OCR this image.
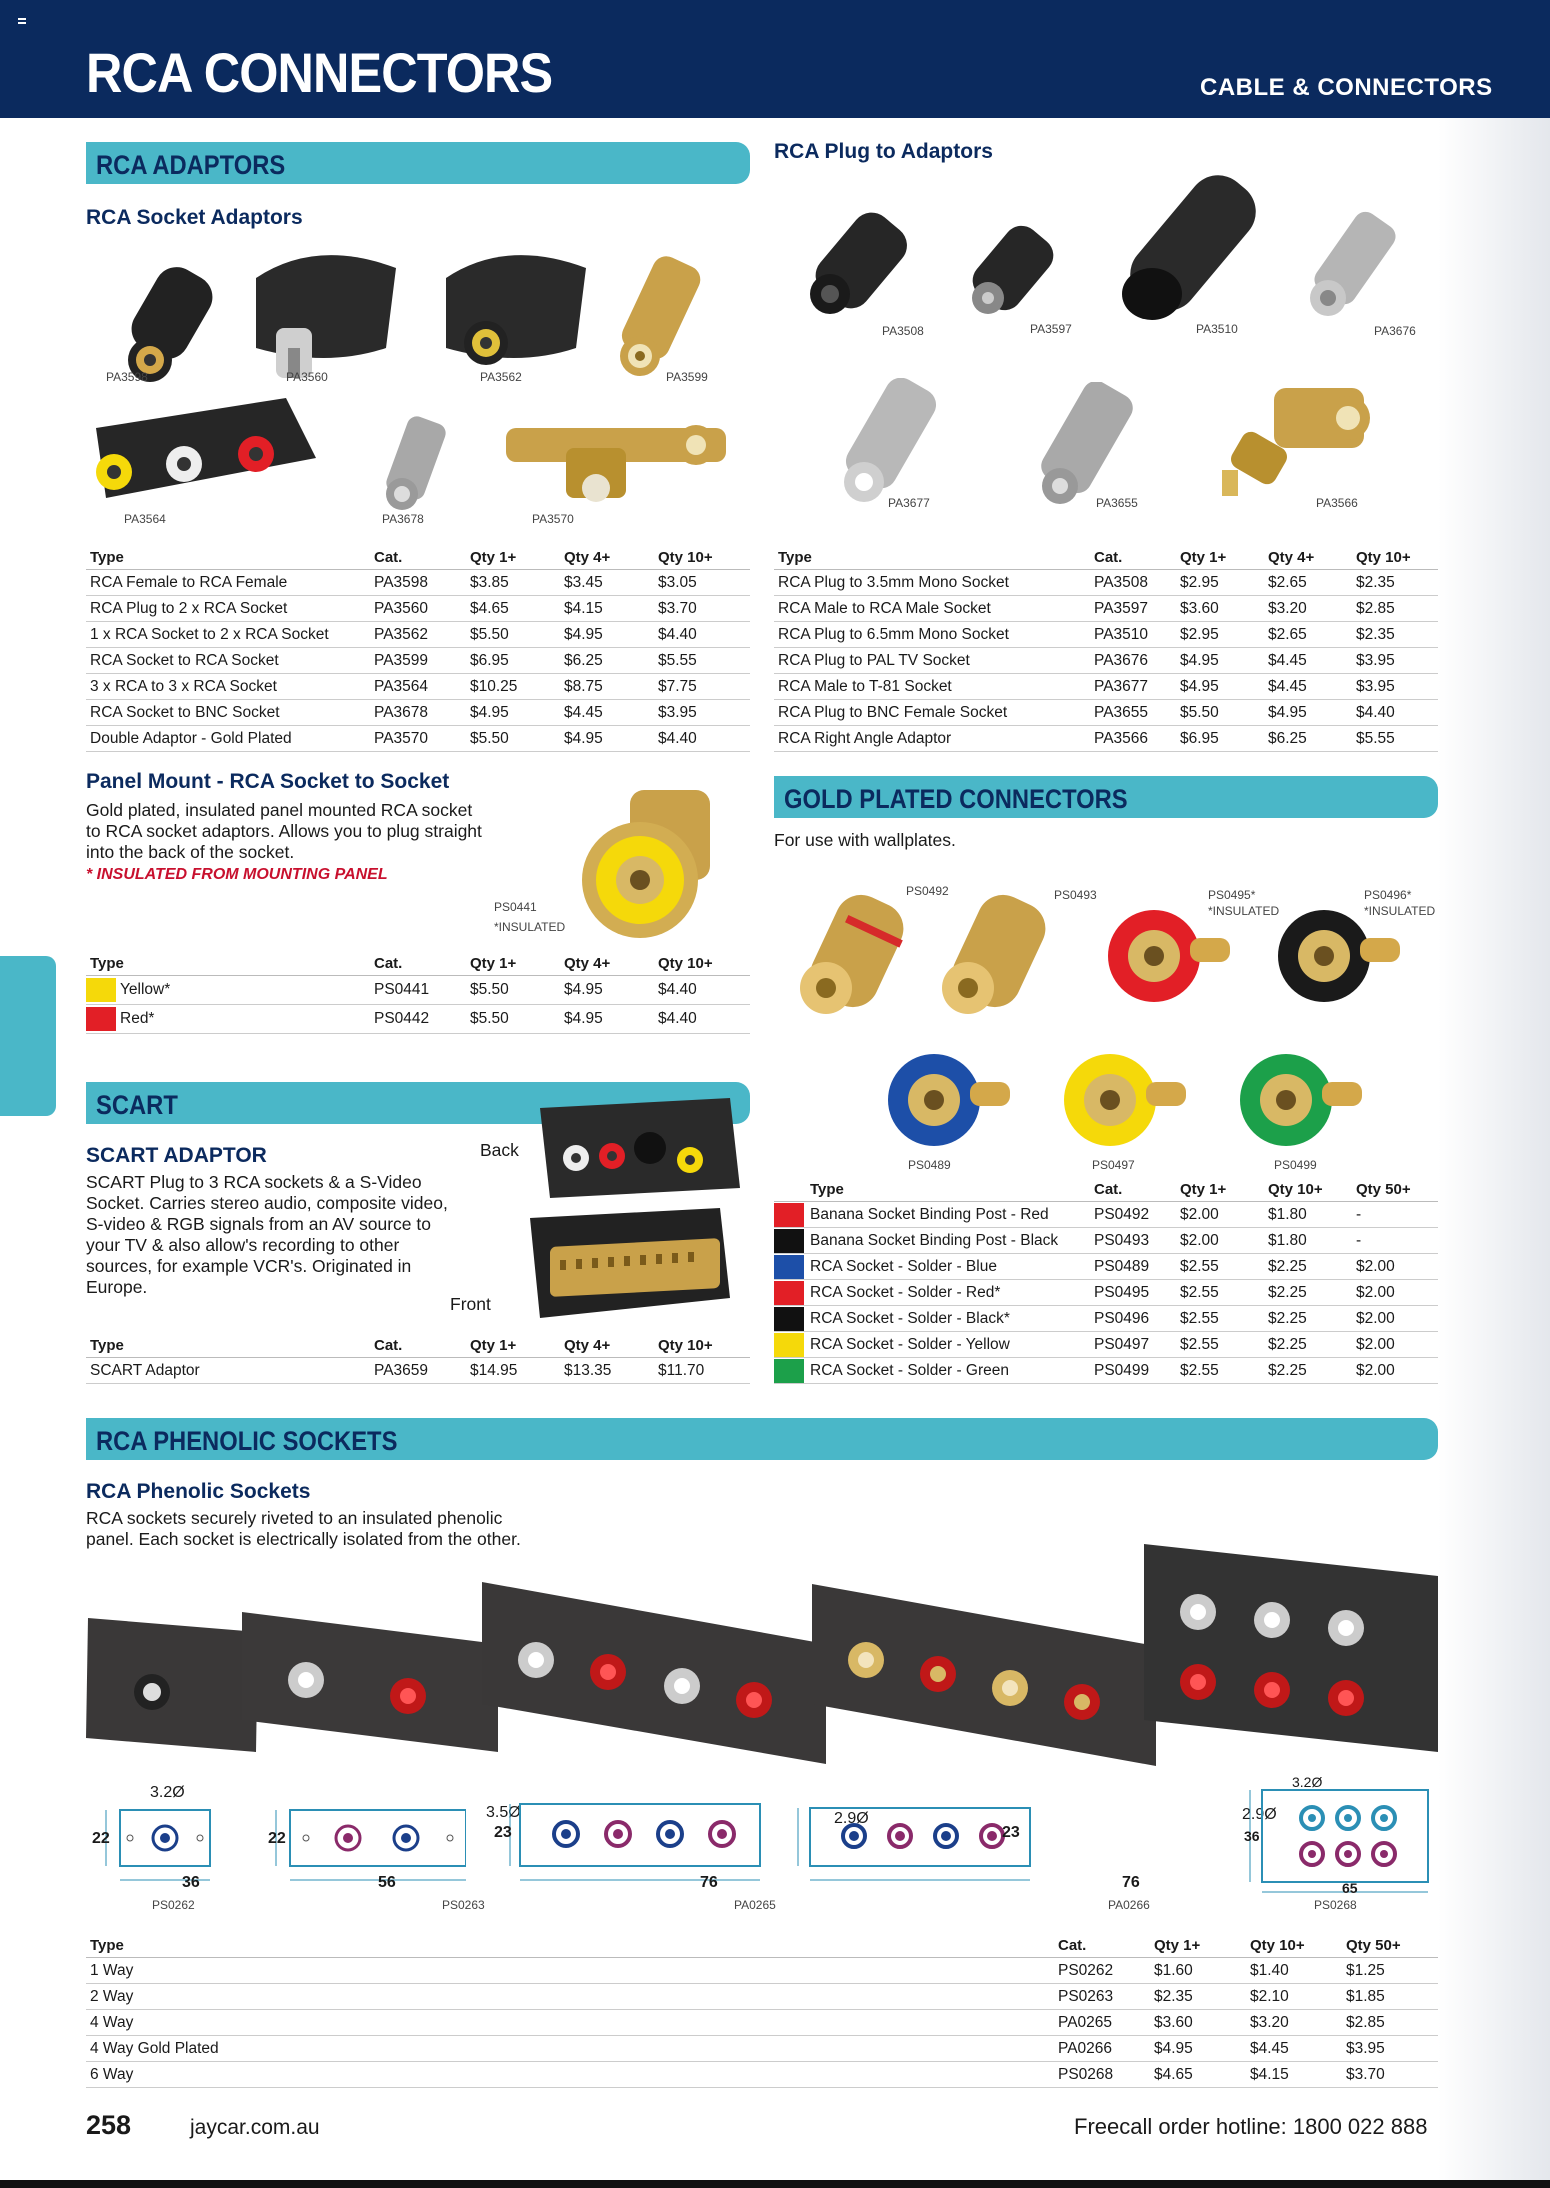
RCA CONNECTORS	CABLE & CONNECTORS
RCA ADAPTORS
RCA Socket Adaptors
PA3598	PA3560	PA3562	PA3599
PA3564	PA3678	PA3570
Type	Cat.	Qty 1+	Qty 4+	Qty 10+
RCA Female to RCA Female	PA3598	$3.85	$3.45	$3.05
RCA Plug to 2 x RCA Socket	PA3560	$4.65	$4.15	$3.70
1 x RCA Socket to 2 x RCA Socket	PA3562	$5.50	$4.95	$4.40
RCA Socket to RCA Socket	PA3599	$6.95	$6.25	$5.55
3 x RCA to 3 x RCA Socket	PA3564	$10.25	$8.75	$7.75
RCA Socket to BNC Socket	PA3678	$4.95	$4.45	$3.95
Double Adaptor - Gold Plated	PA3570	$5.50	$4.95	$4.40
RCA Plug to Adaptors
PA3508	PA3597	PA3510	PA3676
PA3677	PA3655	PA3566
Type	Cat.	Qty 1+	Qty 4+	Qty 10+
RCA Plug to 3.5mm Mono Socket	PA3508	$2.95	$2.65	$2.35
RCA Male to RCA Male Socket	PA3597	$3.60	$3.20	$2.85
RCA Plug to 6.5mm Mono Socket	PA3510	$2.95	$2.65	$2.35
RCA Plug to PAL TV Socket	PA3676	$4.95	$4.45	$3.95
RCA Male to T-81 Socket	PA3677	$4.95	$4.45	$3.95
RCA Plug to BNC Female Socket	PA3655	$5.50	$4.95	$4.40
RCA Right Angle Adaptor	PA3566	$6.95	$6.25	$5.55
Panel Mount - RCA Socket to Socket
Gold plated, insulated panel mounted RCA socket to RCA socket adaptors. Allows you to plug straight into the back of the socket.
* INSULATED FROM MOUNTING PANEL
PS0441
*INSULATED
Type	Cat.	Qty 1+	Qty 4+	Qty 10+
Yellow*	PS0441	$5.50	$4.95	$4.40
Red*	PS0442	$5.50	$4.95	$4.40
GOLD PLATED CONNECTORS
For use with wallplates.
PS0492	PS0493	PS0495*
*INSULATED
PS0496*
*INSULATED
PS0489	PS0497	PS0499
	Type	Cat.	Qty 1+	Qty 10+	Qty 50+
	Banana Socket Binding Post - Red	PS0492	$2.00	$1.80	-
	Banana Socket Binding Post - Black	PS0493	$2.00	$1.80	-
	RCA Socket - Solder - Blue	PS0489	$2.55	$2.25	$2.00
	RCA Socket - Solder - Red*	PS0495	$2.55	$2.25	$2.00
	RCA Socket - Solder - Black*	PS0496	$2.55	$2.25	$2.00
	RCA Socket - Solder - Yellow	PS0497	$2.55	$2.25	$2.00
	RCA Socket - Solder - Green	PS0499	$2.55	$2.25	$2.00
SCART
SCART ADAPTOR
SCART Plug to 3 RCA sockets & a S-Video Socket. Carries stereo audio, composite video, S-video & RGB signals from an AV source to your TV & also allow's recording to other sources, for example VCR's. Originated in Europe.
Back
Front
Type	Cat.	Qty 1+	Qty 4+	Qty 10+
SCART Adaptor	PA3659	$14.95	$13.35	$11.70
RCA PHENOLIC SOCKETS
RCA Phenolic Sockets
RCA sockets securely riveted to an insulated phenolic panel. Each socket is electrically isolated from the other.
3.2Ø
36
22
PS0262
22
56
3.5Ø
PS0263
23
76
2.9Ø
PA0265
23
76
2.9Ø
PA0266
3.2Ø
36
65
PS0268
Type	Cat.	Qty 1+	Qty 10+	Qty 50+
1 Way	PS0262	$1.60	$1.40	$1.25
2 Way	PS0263	$2.35	$2.10	$1.85
4 Way	PA0265	$3.60	$3.20	$2.85
4 Way Gold Plated	PA0266	$4.95	$4.45	$3.95
6 Way	PS0268	$4.65	$4.15	$3.70
258	jaycar.com.au	Freecall order hotline: 1800 022 888
